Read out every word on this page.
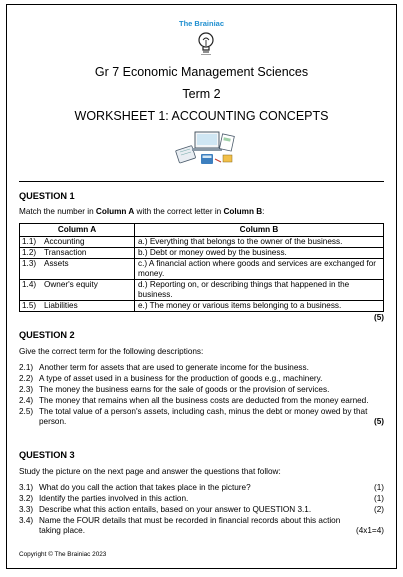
The Brainiac
Gr 7 Economic Management Sciences
Term 2
WORKSHEET 1: ACCOUNTING CONCEPTS
QUESTION 1
Match the number in Column A with the correct letter in Column B:
Column A		Column B
1.1)	Accounting	a.) Everything that belongs to the owner of the business.
1.2)	Transaction	b.) Debt or money owed by the business.
1.3)	Assets	c.) A financial action where goods and services are exchanged for money.
1.4)	Owner's equity	d.) Reporting on, or describing things that happened in the business.
1.5)	Liabilities	e.) The money or various items belonging to a business.
(5)
QUESTION 2
Give the correct term for the following descriptions:
2.1) Another term for assets that are used to generate income for the business.
2.2) A type of asset used in a business for the production of goods e.g., machinery.
2.3) The money the business earns for the sale of goods or the provision of services.
2.4) The money that remains when all the business costs are deducted from the money earned.
2.5) The total value of a person's assets, including cash, minus the debt or money owed by that person.	(5)
QUESTION 3
Study the picture on the next page and answer the questions that follow:
3.1) What do you call the action that takes place in the picture?	(1)
3.2) Identify the parties involved in this action.	(1)
3.3) Describe what this action entails, based on your answer to QUESTION 3.1.	(2)
3.4) Name the FOUR details that must be recorded in financial records about this action taking place.	(4x1=4)
Copyright © The Brainiac 2023
